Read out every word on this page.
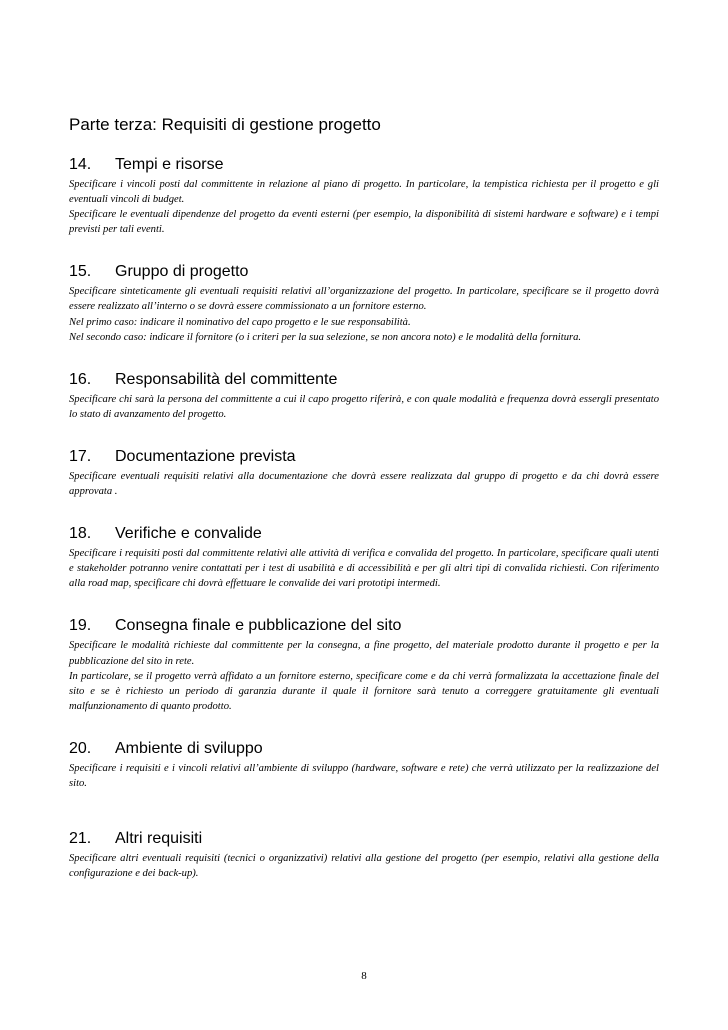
Parte terza: Requisiti di gestione progetto
14.	Tempi e risorse

Specificare i vincoli posti dal committente in relazione al piano di progetto. In particolare, la tempistica richiesta per il progetto e gli eventuali vincoli di budget.

Specificare le eventuali dipendenze del progetto da eventi esterni (per esempio, la disponibilità di sistemi hardware e software) e i tempi previsti per tali eventi.

15.	Gruppo di progetto

Specificare sinteticamente gli eventuali requisiti relativi all’organizzazione del progetto. In particolare, specificare se il progetto dovrà essere realizzato all’interno o se dovrà essere commissionato a un fornitore esterno.

Nel primo caso: indicare il nominativo del capo progetto e le sue responsabilità.

Nel secondo caso: indicare il fornitore (o i criteri per la sua selezione, se non ancora noto) e le modalità della fornitura.

16.	Responsabilità del committente

Specificare chi sarà la persona del committente a cui il capo progetto riferirà, e con quale modalità e frequenza dovrà essergli presentato lo stato di avanzamento del progetto.

17.	Documentazione prevista

Specificare eventuali requisiti relativi alla documentazione che dovrà essere realizzata dal gruppo di progetto e da chi dovrà essere approvata .

18.	Verifiche e convalide

Specificare i requisiti posti dal committente relativi alle attività di verifica e convalida del progetto. In particolare, specificare quali utenti e stakeholder potranno venire contattati per i test di usabilità e di accessibilità e per gli altri tipi di convalida richiesti. Con riferimento alla road map, specificare chi dovrà effettuare le convalide dei vari prototipi intermedi.

19.	Consegna finale e pubblicazione del sito

Specificare le modalità richieste dal committente per la consegna, a fine progetto, del materiale prodotto durante il progetto e per la pubblicazione del sito in rete.

In particolare, se il progetto verrà affidato a un fornitore esterno, specificare come e da chi verrà formalizzata la accettazione finale del sito e se è richiesto un periodo di garanzia durante il quale il fornitore sarà tenuto a correggere gratuitamente gli eventuali malfunzionamento di quanto prodotto.

20.	Ambiente di sviluppo

Specificare i requisiti e i vincoli relativi all’ambiente di sviluppo (hardware, software e rete) che verrà utilizzato per la realizzazione del sito.

21.	Altri requisiti

Specificare altri eventuali requisiti (tecnici o organizzativi) relativi alla gestione del progetto (per esempio, relativi alla gestione della configurazione e dei back-up).

8
